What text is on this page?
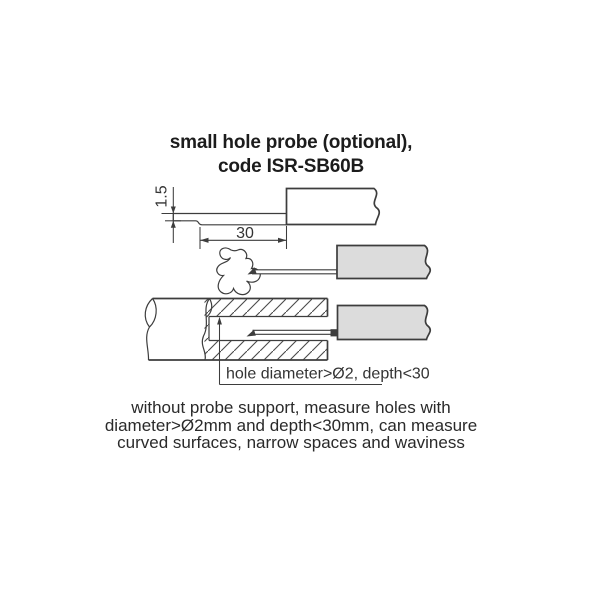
small hole probe (optional),
code ISR-SB60B
1.5
30
hole diameter>Ø2, depth<30
without probe support, measure holes with
diameter>Ø2mm and depth<30mm, can measure
curved surfaces, narrow spaces and waviness
